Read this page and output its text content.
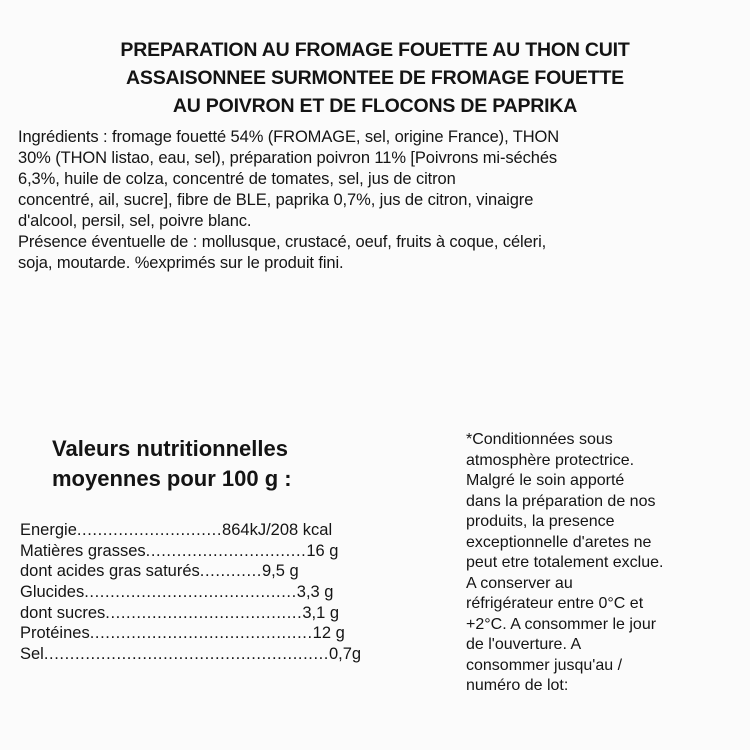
PREPARATION AU FROMAGE FOUETTE AU THON CUIT
ASSAISONNEE SURMONTEE DE FROMAGE FOUETTE
AU POIVRON ET DE FLOCONS DE PAPRIKA
Ingrédients : fromage fouetté 54% (FROMAGE, sel, origine France), THON
30% (THON listao, eau, sel), préparation poivron 11% [Poivrons mi-séchés
6,3%, huile de colza, concentré de tomates, sel, jus de citron
concentré, ail, sucre], fibre de BLE, paprika 0,7%, jus de citron, vinaigre
d'alcool, persil, sel, poivre blanc.
Présence éventuelle de : mollusque, crustacé, oeuf, fruits à coque, céleri,
soja, moutarde. %exprimés sur le produit fini.
Valeurs nutritionnelles
moyennes pour 100 g :
Energie............................864kJ/208 kcal
Matières grasses...............................16 g
dont acides gras saturés............9,5 g
Glucides.........................................3,3 g
dont sucres......................................3,1 g
Protéines...........................................12 g
Sel.......................................................0,7g
*Conditionnées sous
atmosphère protectrice.
Malgré le soin apporté
dans la préparation de nos
produits, la presence
exceptionnelle d'aretes ne
peut etre totalement exclue.
A conserver au
réfrigérateur entre 0°C et
+2°C. A consommer le jour
de l'ouverture. A
consommer jusqu'au /
numéro de lot:
